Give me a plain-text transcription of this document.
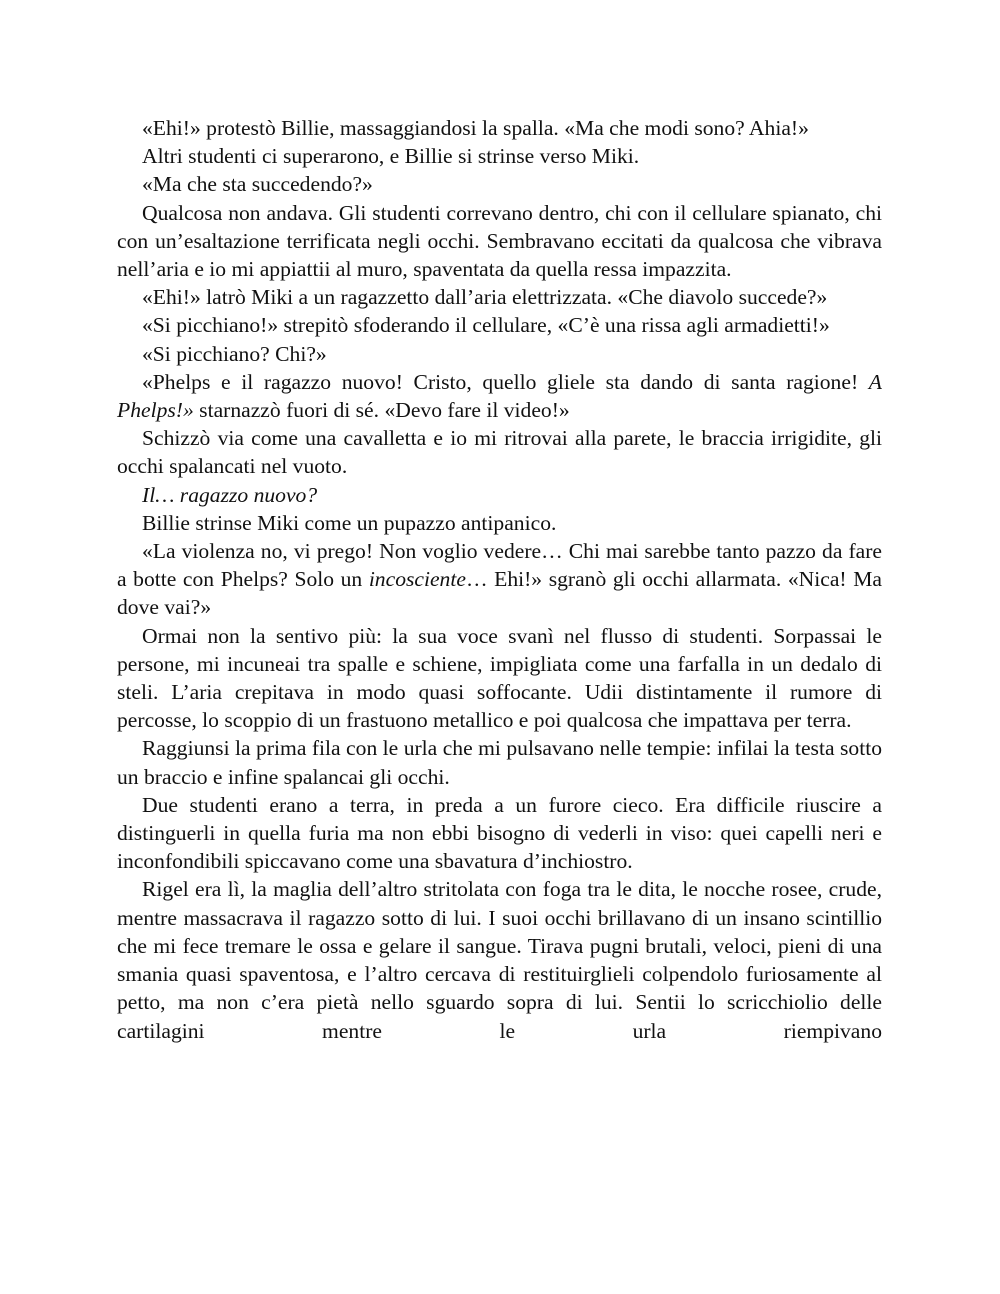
«Ehi!» protestò Billie, massaggiandosi la spalla. «Ma che modi sono? Ahia!»

Altri studenti ci superarono, e Billie si strinse verso Miki.

«Ma che sta succedendo?»

Qualcosa non andava. Gli studenti correvano dentro, chi con il cellulare spianato, chi con un’esaltazione terrificata negli occhi. Sembravano eccitati da qualcosa che vibrava nell’aria e io mi appiattii al muro, spaventata da quella ressa impazzita.

«Ehi!» latrò Miki a un ragazzetto dall’aria elettrizzata. «Che diavolo succede?»

«Si picchiano!» strepitò sfoderando il cellulare, «C’è una rissa agli armadietti!»

«Si picchiano? Chi?»

«Phelps e il ragazzo nuovo! Cristo, quello gliele sta dando di santa ragione! A Phelps!» starnazzò fuori di sé. «Devo fare il video!»

Schizzò via come una cavalletta e io mi ritrovai alla parete, le braccia irrigidite, gli occhi spalancati nel vuoto.

Il… ragazzo nuovo?

Billie strinse Miki come un pupazzo antipanico.

«La violenza no, vi prego! Non voglio vedere… Chi mai sarebbe tanto pazzo da fare a botte con Phelps? Solo un incosciente… Ehi!» sgranò gli occhi allarmata. «Nica! Ma dove vai?»

Ormai non la sentivo più: la sua voce svanì nel flusso di studenti. Sorpassai le persone, mi incuneai tra spalle e schiene, impigliata come una farfalla in un dedalo di steli. L’aria crepitava in modo quasi soffocante. Udii distintamente il rumore di percosse, lo scoppio di un frastuono metallico e poi qualcosa che impattava per terra.

Raggiunsi la prima fila con le urla che mi pulsavano nelle tempie: infilai la testa sotto un braccio e infine spalancai gli occhi.

Due studenti erano a terra, in preda a un furore cieco. Era difficile riuscire a distinguerli in quella furia ma non ebbi bisogno di vederli in viso: quei capelli neri e inconfondibili spiccavano come una sbavatura d’inchiostro.

Rigel era lì, la maglia dell’altro stritolata con foga tra le dita, le nocche rosee, crude, mentre massacrava il ragazzo sotto di lui. I suoi occhi brillavano di un insano scintillio che mi fece tremare le ossa e gelare il sangue. Tirava pugni brutali, veloci, pieni di una smania quasi spaventosa, e l’altro cercava di restituirglieli colpendolo furiosamente al petto, ma non c’era pietà nello sguardo sopra di lui. Sentii lo scricchiolio delle cartilagini mentre le urla riempivano
